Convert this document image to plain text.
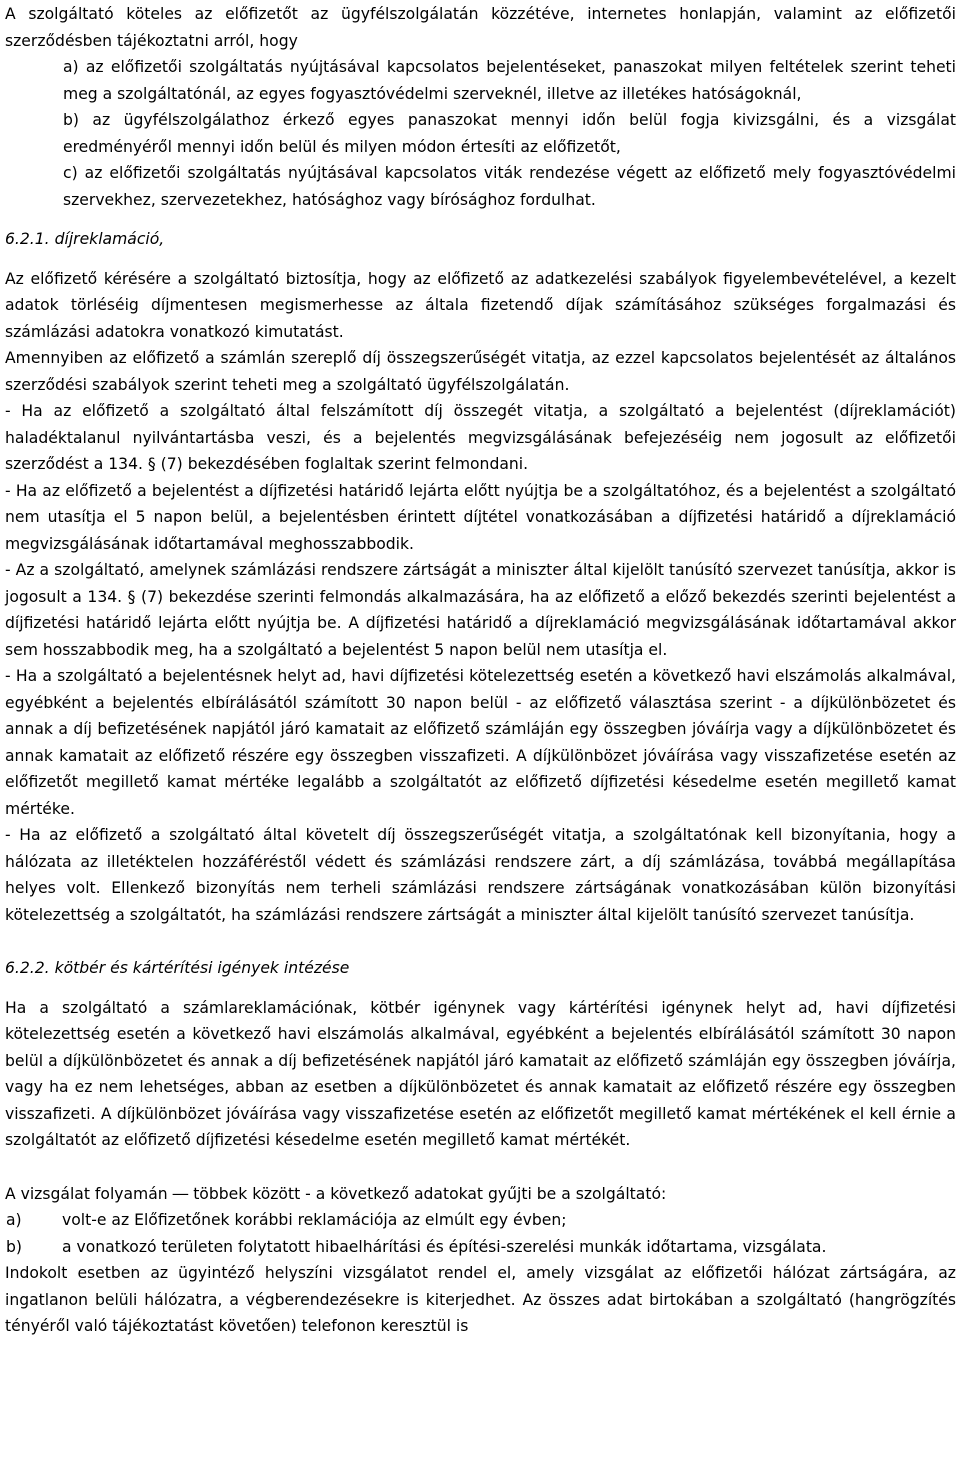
A szolgáltató köteles az előfizetőt az ügyfélszolgálatán közzétéve, internetes honlapján, valamint az előfizetői szerződésben tájékoztatni arról, hogy

a) az előfizetői szolgáltatás nyújtásával kapcsolatos bejelentéseket, panaszokat milyen feltételek szerint teheti meg a szolgáltatónál, az egyes fogyasztóvédelmi szerveknél, illetve az illetékes hatóságoknál,

b) az ügyfélszolgálathoz érkező egyes panaszokat mennyi időn belül fogja kivizsgálni, és a vizsgálat eredményéről mennyi időn belül és milyen módon értesíti az előfizetőt,

c) az előfizetői szolgáltatás nyújtásával kapcsolatos viták rendezése végett az előfizető mely fogyasztóvédelmi szervekhez, szervezetekhez, hatósághoz vagy bírósághoz fordulhat.

6.2.1. díjreklamáció,

Az előfizető kérésére a szolgáltató biztosítja, hogy az előfizető az adatkezelési szabályok figyelembevételével, a kezelt adatok törléséig díjmentesen megismerhesse az általa fizetendő díjak számításához szükséges forgalmazási és számlázási adatokra vonatkozó kimutatást.

Amennyiben az előfizető a számlán szereplő díj összegszerűségét vitatja, az ezzel kapcsolatos bejelentését az általános szerződési szabályok szerint teheti meg a szolgáltató ügyfélszolgálatán.

- Ha az előfizető a szolgáltató által felszámított díj összegét vitatja, a szolgáltató a bejelentést (díjreklamációt) haladéktalanul nyilvántartásba veszi, és a bejelentés megvizsgálásának befejezéséig nem jogosult az előfizetői szerződést a 134. § (7) bekezdésében foglaltak szerint felmondani.

- Ha az előfizető a bejelentést a díjfizetési határidő lejárta előtt nyújtja be a szolgáltatóhoz, és a bejelentést a szolgáltató nem utasítja el 5 napon belül, a bejelentésben érintett díjtétel vonatkozásában a díjfizetési határidő a díjreklamáció megvizsgálásának időtartamával meghosszabbodik.

- Az a szolgáltató, amelynek számlázási rendszere zártságát a miniszter által kijelölt tanúsító szervezet tanúsítja, akkor is jogosult a 134. § (7) bekezdése szerinti felmondás alkalmazására, ha az előfizető a előző bekezdés szerinti bejelentést a díjfizetési határidő lejárta előtt nyújtja be. A díjfizetési határidő a díjreklamáció megvizsgálásának időtartamával akkor sem hosszabbodik meg, ha a szolgáltató a bejelentést 5 napon belül nem utasítja el.

- Ha a szolgáltató a bejelentésnek helyt ad, havi díjfizetési kötelezettség esetén a következő havi elszámolás alkalmával, egyébként a bejelentés elbírálásától számított 30 napon belül - az előfizető választása szerint - a díjkülönbözetet és annak a díj befizetésének napjától járó kamatait az előfizető számláján egy összegben jóváírja vagy a díjkülönbözetet és annak kamatait az előfizető részére egy összegben visszafizeti. A díjkülönbözet jóváírása vagy visszafizetése esetén az előfizetőt megillető kamat mértéke legalább a szolgáltatót az előfizető díjfizetési késedelme esetén megillető kamat mértéke.

- Ha az előfizető a szolgáltató által követelt díj összegszerűségét vitatja, a szolgáltatónak kell bizonyítania, hogy a hálózata az illetéktelen hozzáféréstől védett és számlázási rendszere zárt, a díj számlázása, továbbá megállapítása helyes volt. Ellenkező bizonyítás nem terheli számlázási rendszere zártságának vonatkozásában külön bizonyítási kötelezettség a szolgáltatót, ha számlázási rendszere zártságát a miniszter által kijelölt tanúsító szervezet tanúsítja.

6.2.2. kötbér és kártérítési igények intézése

Ha a szolgáltató a számlareklamációnak, kötbér igénynek vagy kártérítési igénynek helyt ad, havi díjfizetési kötelezettség esetén a következő havi elszámolás alkalmával, egyébként a bejelentés elbírálásától számított 30 napon belül a díjkülönbözetet és annak a díj befizetésének napjától járó kamatait az előfizető számláján egy összegben jóváírja, vagy ha ez nem lehetséges, abban az esetben a díjkülönbözetet és annak kamatait az előfizető részére egy összegben visszafizeti. A díjkülönbözet jóváírása vagy visszafizetése esetén az előfizetőt megillető kamat mértékének el kell érnie a szolgáltatót az előfizető díjfizetési késedelme esetén megillető kamat mértékét.

A vizsgálat folyamán ― többek között - a következő adatokat gyűjti be a szolgáltató:

a)	volt-e az Előfizetőnek korábbi reklamációja az elmúlt egy évben;
b)	a vonatkozó területen folytatott hibaelhárítási és építési-szerelési munkák időtartama, vizsgálata.

Indokolt esetben az ügyintéző helyszíni vizsgálatot rendel el, amely vizsgálat az előfizetői hálózat zártságára, az ingatlanon belüli hálózatra, a végberendezésekre is kiterjedhet. Az összes adat birtokában a szolgáltató (hangrögzítés tényéről való tájékoztatást követően) telefonon keresztül is
